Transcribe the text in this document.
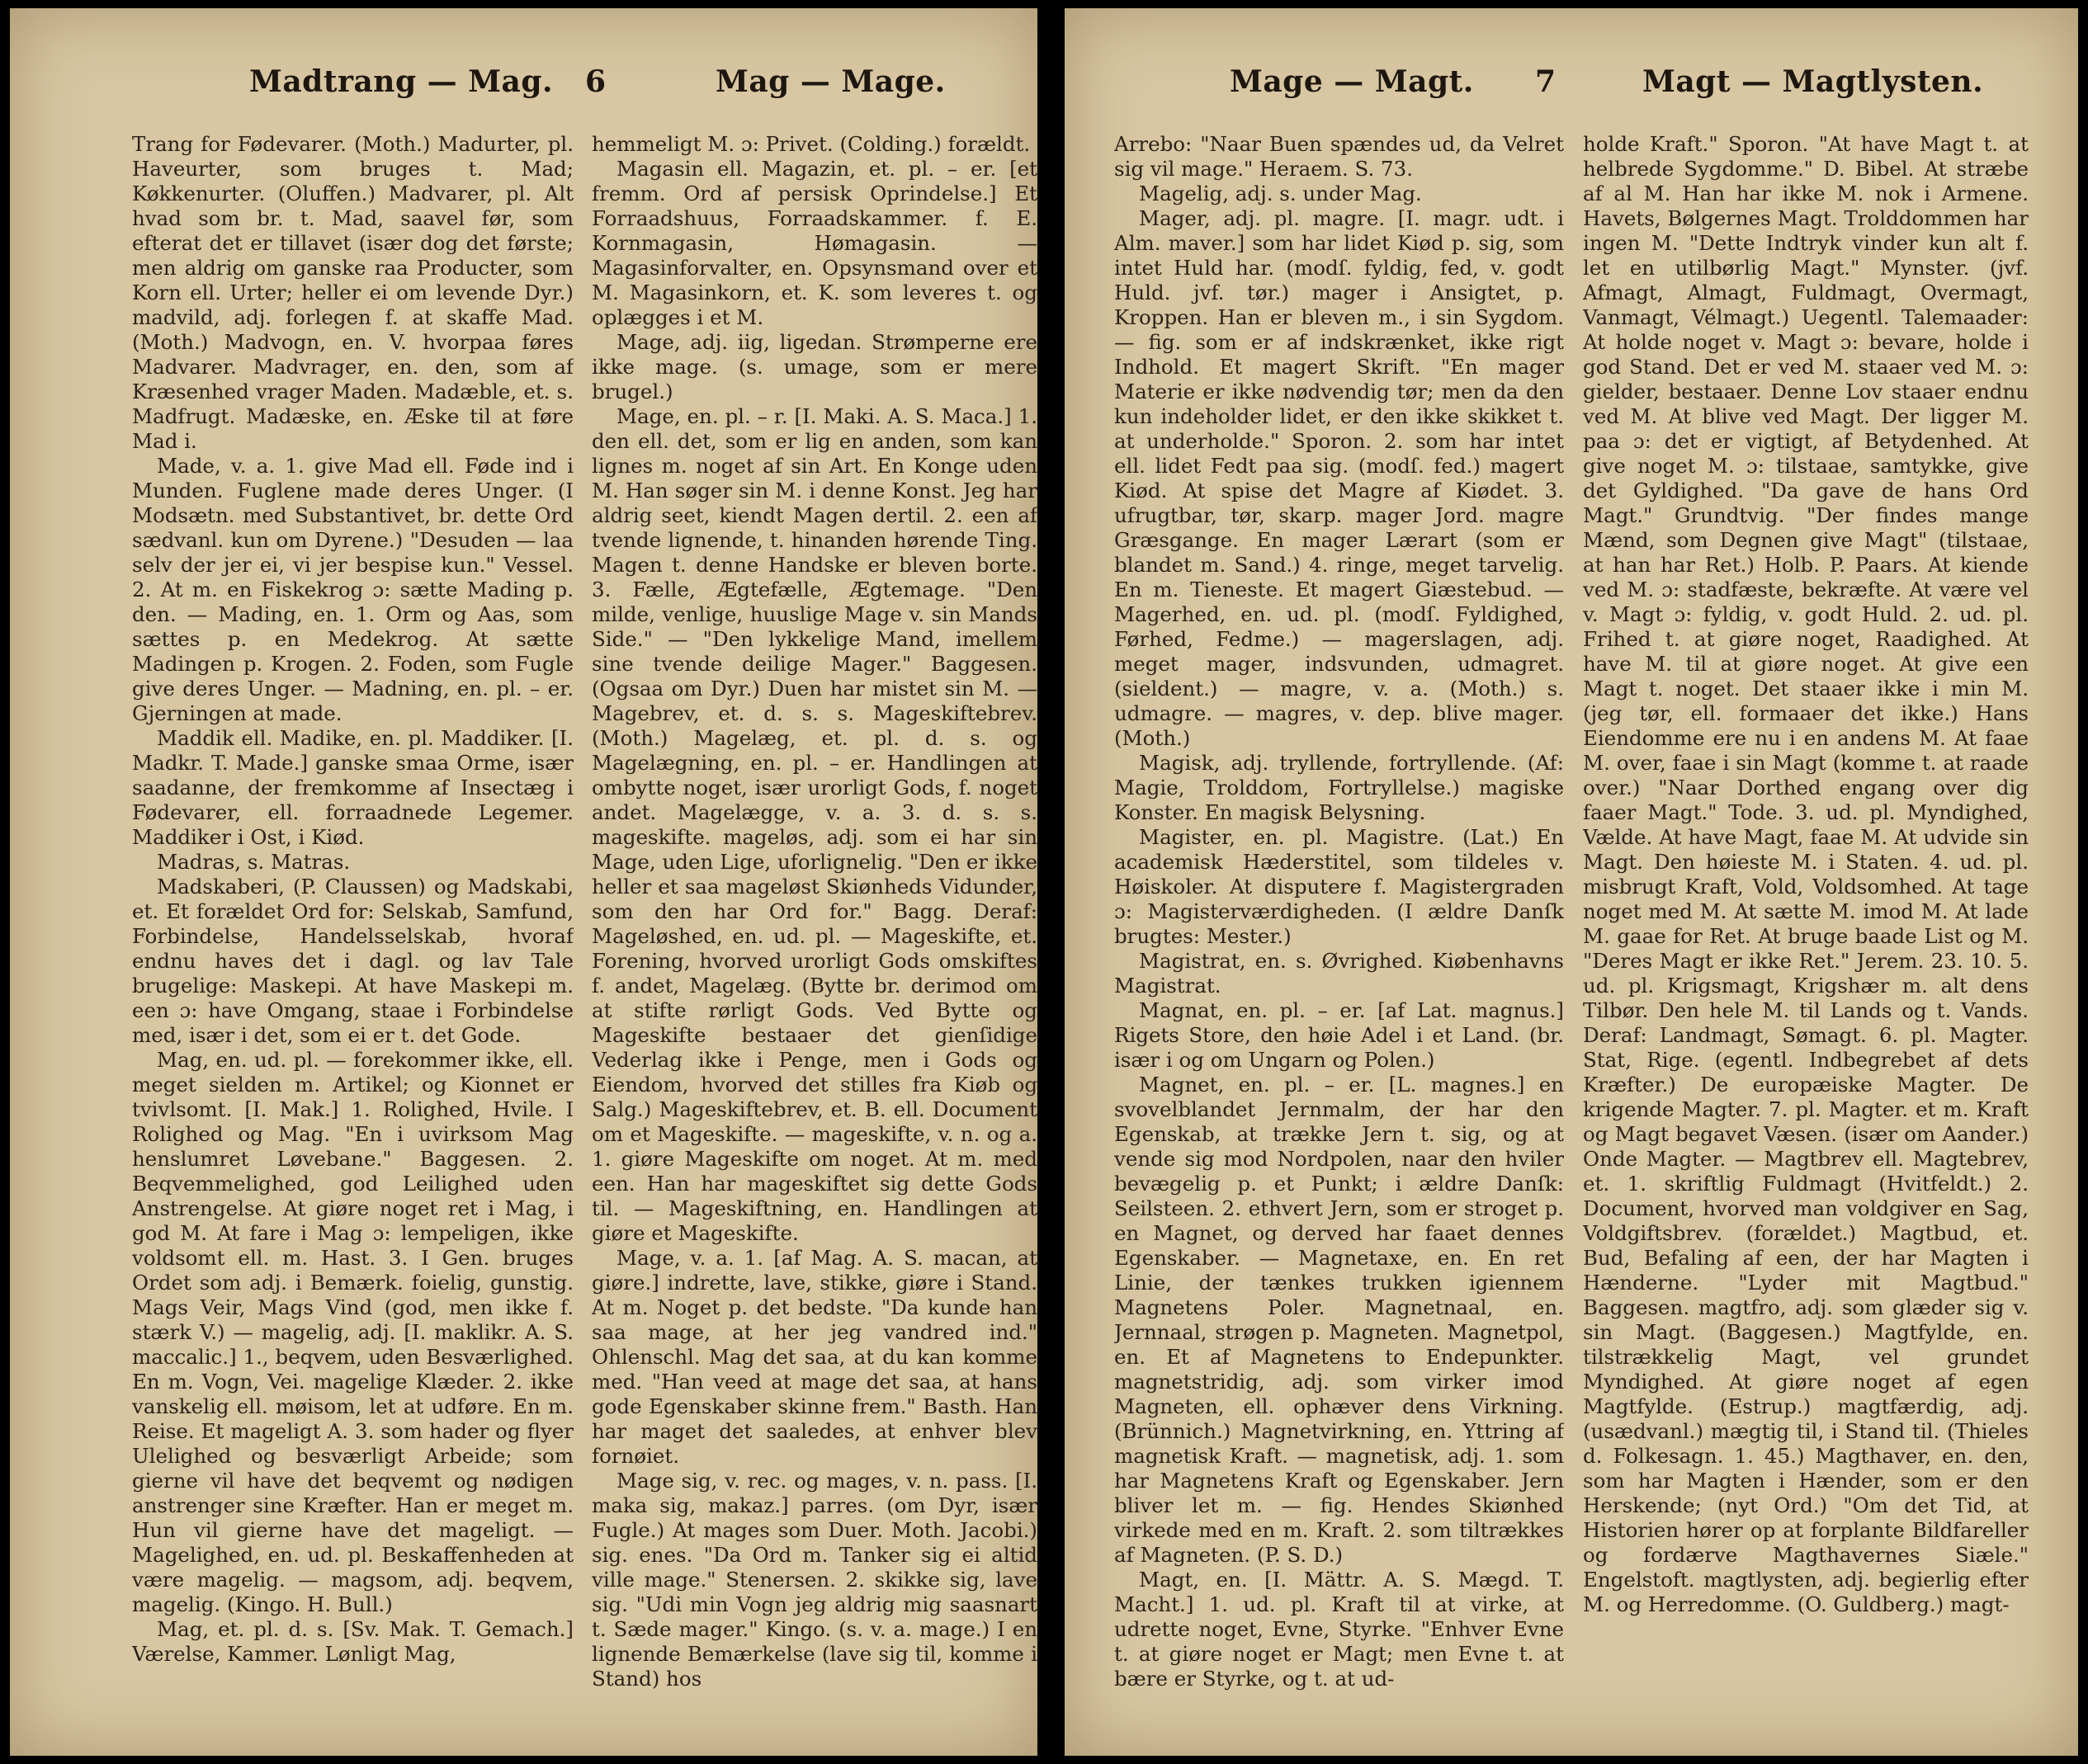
Madtrang — Mag. 6	Mag — Mage.

Trang for Fødevarer. (Moth.) Madurter, pl. Haveurter, som bruges t. Mad; Køkkenurter. (Oluffen.) Madvarer, pl. Alt hvad som br. t. Mad, saavel før, som efterat det er tillavet (især dog det første; men aldrig om ganske raa Producter, som Korn ell. Urter; heller ei om levende Dyr.) madvild, adj. forlegen f. at skaffe Mad. (Moth.) Madvogn, en. V. hvorpaa føres Madvarer. Madvrager, en. den, som af Kræsenhed vrager Maden. Madæble, et. s. Madfrugt. Madæske, en. Æske til at føre Mad i.

Made, v. a. 1. give Mad ell. Føde ind i Munden. Fuglene made deres Unger. (I Modsætn. med Substantivet, br. dette Ord sædvanl. kun om Dyrene.) "Desuden — laa selv der jer ei, vi jer bespise kun." Vessel. 2. At m. en Fiskekrog ɔ: sætte Mading p. den. — Mading, en. 1. Orm og Aas, som sættes p. en Medekrog. At sætte Madingen p. Krogen. 2. Foden, som Fugle give deres Unger. — Madning, en. pl. – er. Gjerningen at made.

Maddik ell. Madike, en. pl. Maddiker. [I. Madkr. T. Made.] ganske smaa Orme, især saadanne, der fremkomme af Insectæg i Fødevarer, ell. forraadnede Legemer. Maddiker i Ost, i Kiød.

Madras, s. Matras.

Madskaberi, (P. Claussen) og Madskabi, et. Et forældet Ord for: Selskab, Samfund, Forbindelse, Handelsselskab, hvoraf endnu haves det i dagl. og lav Tale brugelige: Maskepi. At have Maskepi m. een ɔ: have Omgang, staae i Forbindelse med, især i det, som ei er t. det Gode.

Mag, en. ud. pl. — forekommer ikke, ell. meget sielden m. Artikel; og Kionnet er tvivlsomt. [I. Mak.] 1. Rolighed, Hvile. I Rolighed og Mag. "En i uvirksom Mag henslumret Løvebane." Baggesen. 2. Beqvemmelighed, god Leilighed uden Anstrengelse. At giøre noget ret i Mag, i god M. At fare i Mag ɔ: lempeligen, ikke voldsomt ell. m. Hast. 3. I Gen. bruges Ordet som adj. i Bemærk. foielig, gunstig. Mags Veir, Mags Vind (god, men ikke f. stærk V.) — magelig, adj. [I. maklikr. A. S. maccalic.] 1., beqvem, uden Besværlighed. En m. Vogn, Vei. magelige Klæder. 2. ikke vanskelig ell. møisom, let at udføre. En m. Reise. Et mageligt A. 3. som hader og flyer Ulelighed og besværligt Arbeide; som gierne vil have det beqvemt og nødigen anstrenger sine Kræfter. Han er meget m. Hun vil gierne have det mageligt. — Magelighed, en. ud. pl. Beskaffenheden at være magelig. — magsom, adj. beqvem, magelig. (Kingo. H. Bull.)

Mag, et. pl. d. s. [Sv. Mak. T. Gemach.] Værelse, Kammer. Lønligt Mag,

hemmeligt M. ɔ: Privet. (Colding.) forældt.

Magasin ell. Magazin, et. pl. – er. [et fremm. Ord af persisk Oprindelse.] Et Forraadshuus, Forraadskammer. f. E. Kornmagasin, Hømagasin. — Magasinforvalter, en. Opsynsmand over et M. Magasinkorn, et. K. som leveres t. og oplægges i et M.

Mage, adj. iig, ligedan. Strømperne ere ikke mage. (s. umage, som er mere brugel.)

Mage, en. pl. – r. [I. Maki. A. S. Maca.] 1. den ell. det, som er lig en anden, som kan lignes m. noget af sin Art. En Konge uden M. Han søger sin M. i denne Konst. Jeg har aldrig seet, kiendt Magen dertil. 2. een af tvende lignende, t. hinanden hørende Ting. Magen t. denne Handske er bleven borte. 3. Fælle, Ægtefælle, Ægtemage. "Den milde, venlige, huuslige Mage v. sin Mands Side." — "Den lykkelige Mand, imellem sine tvende deilige Mager." Baggesen. (Ogsaa om Dyr.) Duen har mistet sin M. — Magebrev, et. d. s. s. Mageskiftebrev. (Moth.) Magelæg, et. pl. d. s. og Magelægning, en. pl. – er. Handlingen at ombytte noget, især urorligt Gods, f. noget andet. Magelægge, v. a. 3. d. s. s. mageskifte. mageløs, adj. som ei har sin Mage, uden Lige, uforlignelig. "Den er ikke heller et saa mageløst Skiønheds Vidunder, som den har Ord for." Bagg. Deraf: Mageløshed, en. ud. pl. — Mageskifte, et. Forening, hvorved urorligt Gods omskiftes f. andet, Magelæg. (Bytte br. derimod om at stifte rørligt Gods. Ved Bytte og Mageskifte bestaaer det gienſidige Vederlag ikke i Penge, men i Gods og Eiendom, hvorved det stilles fra Kiøb og Salg.) Mageskiftebrev, et. B. ell. Document om et Mageskifte. — mageskifte, v. n. og a. 1. giøre Mageskifte om noget. At m. med een. Han har mageskiftet sig dette Gods til. — Mageskiftning, en. Handlingen at giøre et Mageskifte.

Mage, v. a. 1. [af Mag. A. S. macan, at giøre.] indrette, lave, stikke, giøre i Stand. At m. Noget p. det bedste. "Da kunde han saa mage, at her jeg vandred ind." Ohlenschl. Mag det saa, at du kan komme med. "Han veed at mage det saa, at hans gode Egenskaber skinne frem." Basth. Han har maget det saaledes, at enhver blev fornøiet.

Mage sig, v. rec. og mages, v. n. pass. [I. maka sig, makaz.] parres. (om Dyr, især Fugle.) At mages som Duer. Moth. Jacobi.) sig. enes. "Da Ord m. Tanker sig ei altid ville mage." Stenersen. 2. skikke sig, lave sig. "Udi min Vogn jeg aldrig mig saasnart t. Sæde mager." Kingo. (s. v. a. mage.) I en lignende Bemærkelse (lave sig til, komme i Stand) hos

Mage — Magt. 7	Magt — Magtlysten.

Arrebo: "Naar Buen spændes ud, da Velret sig vil mage." Heraem. S. 73.

Magelig, adj. s. under Mag.

Mager, adj. pl. magre. [I. magr. udt. i Alm. maver.] som har lidet Kiød p. sig, som intet Huld har. (modſ. fyldig, fed, v. godt Huld. jvf. tør.) mager i Ansigtet, p. Kroppen. Han er bleven m., i sin Sygdom. — fig. som er af indskrænket, ikke rigt Indhold. Et magert Skrift. "En mager Materie er ikke nødvendig tør; men da den kun indeholder lidet, er den ikke skikket t. at underholde." Sporon. 2. som har intet ell. lidet Fedt paa sig. (modſ. fed.) magert Kiød. At spise det Magre af Kiødet. 3. ufrugtbar, tør, skarp. mager Jord. magre Græsgange. En mager Lærart (som er blandet m. Sand.) 4. ringe, meget tarvelig. En m. Tieneste. Et magert Giæstebud. — Magerhed, en. ud. pl. (modſ. Fyldighed, Førhed, Fedme.) — magerslagen, adj. meget mager, indsvunden, udmagret. (sieldent.) — magre, v. a. (Moth.) s. udmagre. — magres, v. dep. blive mager. (Moth.)

Magisk, adj. tryllende, fortryllende. (Af: Magie, Trolddom, Fortryllelse.) magiske Konster. En magisk Belysning.

Magister, en. pl. Magistre. (Lat.) En academisk Hæderstitel, som tildeles v. Høiskoler. At disputere f. Magistergraden ɔ: Magisterværdigheden. (I ældre Danſk brugtes: Mester.)

Magistrat, en. s. Øvrighed. Kiøbenhavns Magistrat.

Magnat, en. pl. – er. [af Lat. magnus.] Rigets Store, den høie Adel i et Land. (br. især i og om Ungarn og Polen.)

Magnet, en. pl. – er. [L. magnes.] en svovelblandet Jernmalm, der har den Egenskab, at trække Jern t. sig, og at vende sig mod Nordpolen, naar den hviler bevægelig p. et Punkt; i ældre Danſk: Seilsteen. 2. ethvert Jern, som er stroget p. en Magnet, og derved har faaet dennes Egenskaber. — Magnetaxe, en. En ret Linie, der tænkes trukken igiennem Magnetens Poler. Magnetnaal, en. Jernnaal, strøgen p. Magneten. Magnetpol, en. Et af Magnetens to Endepunkter. magnetstridig, adj. som virker imod Magneten, ell. ophæver dens Virkning. (Brünnich.) Magnetvirkning, en. Yttring af magnetisk Kraft. — magnetisk, adj. 1. som har Magnetens Kraft og Egenskaber. Jern bliver let m. — fig. Hendes Skiønhed virkede med en m. Kraft. 2. som tiltrækkes af Magneten. (P. S. D.)

Magt, en. [I. Mättr. A. S. Mægd. T. Macht.] 1. ud. pl. Kraft til at virke, at udrette noget, Evne, Styrke. "Enhver Evne t. at giøre noget er Magt; men Evne t. at bære er Styrke, og t. at ud-

holde Kraft." Sporon. "At have Magt t. at helbrede Sygdomme." D. Bibel. At stræbe af al M. Han har ikke M. nok i Armene. Havets, Bølgernes Magt. Trolddommen har ingen M. "Dette Indtryk vinder kun alt f. let en utilbørlig Magt." Mynster. (jvf. Afmagt, Almagt, Fuldmagt, Overmagt, Vanmagt, Vélmagt.) Uegentl. Talemaader: At holde noget v. Magt ɔ: bevare, holde i god Stand. Det er ved M. staaer ved M. ɔ: gielder, bestaaer. Denne Lov staaer endnu ved M. At blive ved Magt. Der ligger M. paa ɔ: det er vigtigt, af Betydenhed. At give noget M. ɔ: tilstaae, samtykke, give det Gyldighed. "Da gave de hans Ord Magt." Grundtvig. "Der findes mange Mænd, som Degnen give Magt" (tilstaae, at han har Ret.) Holb. P. Paars. At kiende ved M. ɔ: stadfæste, bekræfte. At være vel v. Magt ɔ: fyldig, v. godt Huld. 2. ud. pl. Frihed t. at giøre noget, Raadighed. At have M. til at giøre noget. At give een Magt t. noget. Det staaer ikke i min M. (jeg tør, ell. formaaer det ikke.) Hans Eiendomme ere nu i en andens M. At faae M. over, faae i sin Magt (komme t. at raade over.) "Naar Dorthed engang over dig faaer Magt." Tode. 3. ud. pl. Myndighed, Vælde. At have Magt, faae M. At udvide sin Magt. Den høieste M. i Staten. 4. ud. pl. misbrugt Kraft, Vold, Voldsomhed. At tage noget med M. At sætte M. imod M. At lade M. gaae for Ret. At bruge baade List og M. "Deres Magt er ikke Ret." Jerem. 23. 10. 5. ud. pl. Krigsmagt, Krigshær m. alt dens Tilbør. Den hele M. til Lands og t. Vands. Deraf: Landmagt, Sømagt. 6. pl. Magter. Stat, Rige. (egentl. Indbegrebet af dets Kræfter.) De europæiske Magter. De krigende Magter. 7. pl. Magter. et m. Kraft og Magt begavet Væsen. (især om Aander.) Onde Magter. — Magtbrev ell. Magtebrev, et. 1. skriftlig Fuldmagt (Hvitfeldt.) 2. Document, hvorved man voldgiver en Sag, Voldgiftsbrev. (forældet.) Magtbud, et. Bud, Befaling af een, der har Magten i Hænderne. "Lyder mit Magtbud." Baggesen. magtfro, adj. som glæder sig v. sin Magt. (Baggesen.) Magtfylde, en. tilstrækkelig Magt, vel grundet Myndighed. At giøre noget af egen Magtfylde. (Estrup.) magtfærdig, adj. (usædvanl.) mægtig til, i Stand til. (Thieles d. Folkesagn. 1. 45.) Magthaver, en. den, som har Magten i Hænder, som er den Herskende; (nyt Ord.) "Om det Tid, at Historien hører op at forplante Bildfareller og fordærve Magthavernes Siæle." Engelstoft. magtlysten, adj. begierlig efter M. og Herredomme. (O. Guldberg.) magt-
